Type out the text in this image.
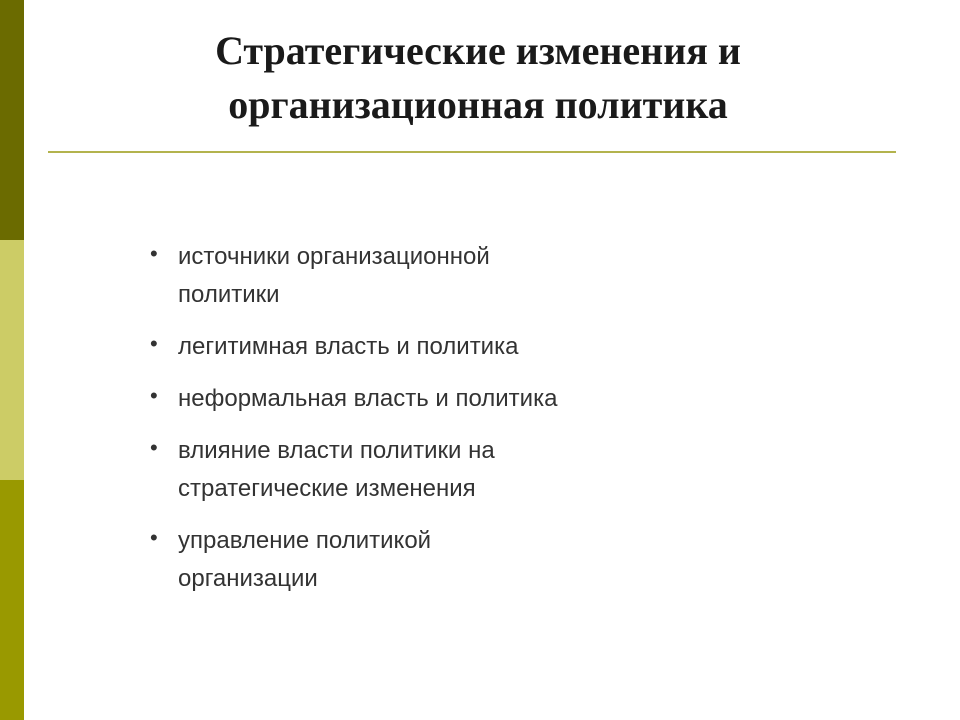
Стратегические изменения и
организационная политика
• источники организационной
политики
• легитимная власть и политика
• неформальная власть и политика
• влияние власти политики на
стратегические изменения
• управление политикой
организации
